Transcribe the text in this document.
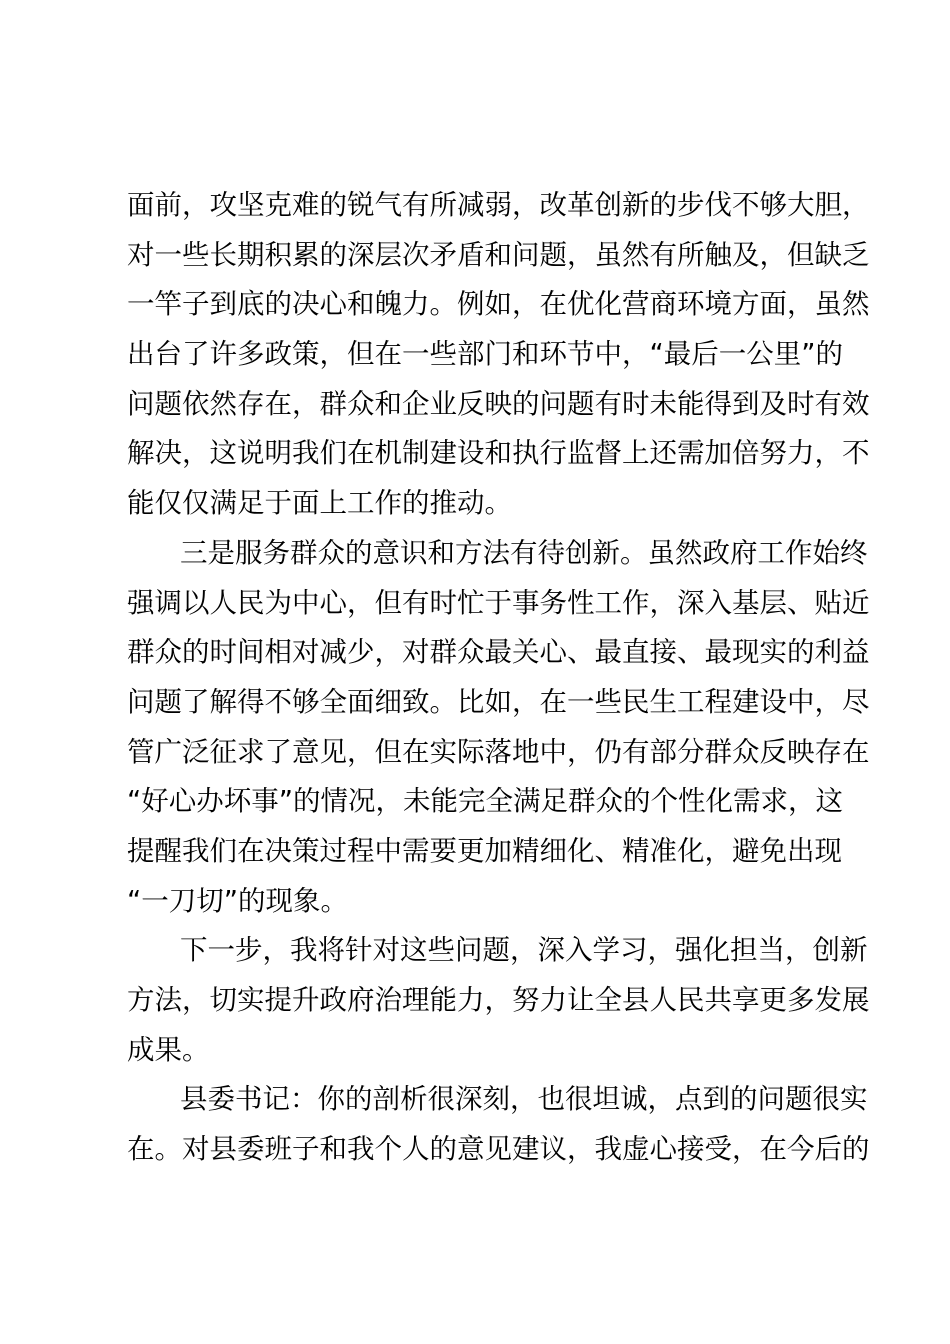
面前，攻坚克难的锐气有所减弱，改革创新的步伐不够大胆，
对一些长期积累的深层次矛盾和问题，虽然有所触及，但缺乏
一竿子到底的决心和魄力。例如，在优化营商环境方面，虽然
出台了许多政策，但在一些部门和环节中，“最后一公里”的
问题依然存在，群众和企业反映的问题有时未能得到及时有效
解决，这说明我们在机制建设和执行监督上还需加倍努力，不
能仅仅满足于面上工作的推动。
三是服务群众的意识和方法有待创新。虽然政府工作始终
强调以人民为中心，但有时忙于事务性工作，深入基层、贴近
群众的时间相对减少，对群众最关心、最直接、最现实的利益
问题了解得不够全面细致。比如，在一些民生工程建设中，尽
管广泛征求了意见，但在实际落地中，仍有部分群众反映存在
“好心办坏事”的情况，未能完全满足群众的个性化需求，这
提醒我们在决策过程中需要更加精细化、精准化，避免出现
“一刀切”的现象。
下一步，我将针对这些问题，深入学习，强化担当，创新
方法，切实提升政府治理能力，努力让全县人民共享更多发展
成果。
县委书记：你的剖析很深刻，也很坦诚，点到的问题很实
在。对县委班子和我个人的意见建议，我虚心接受，在今后的
